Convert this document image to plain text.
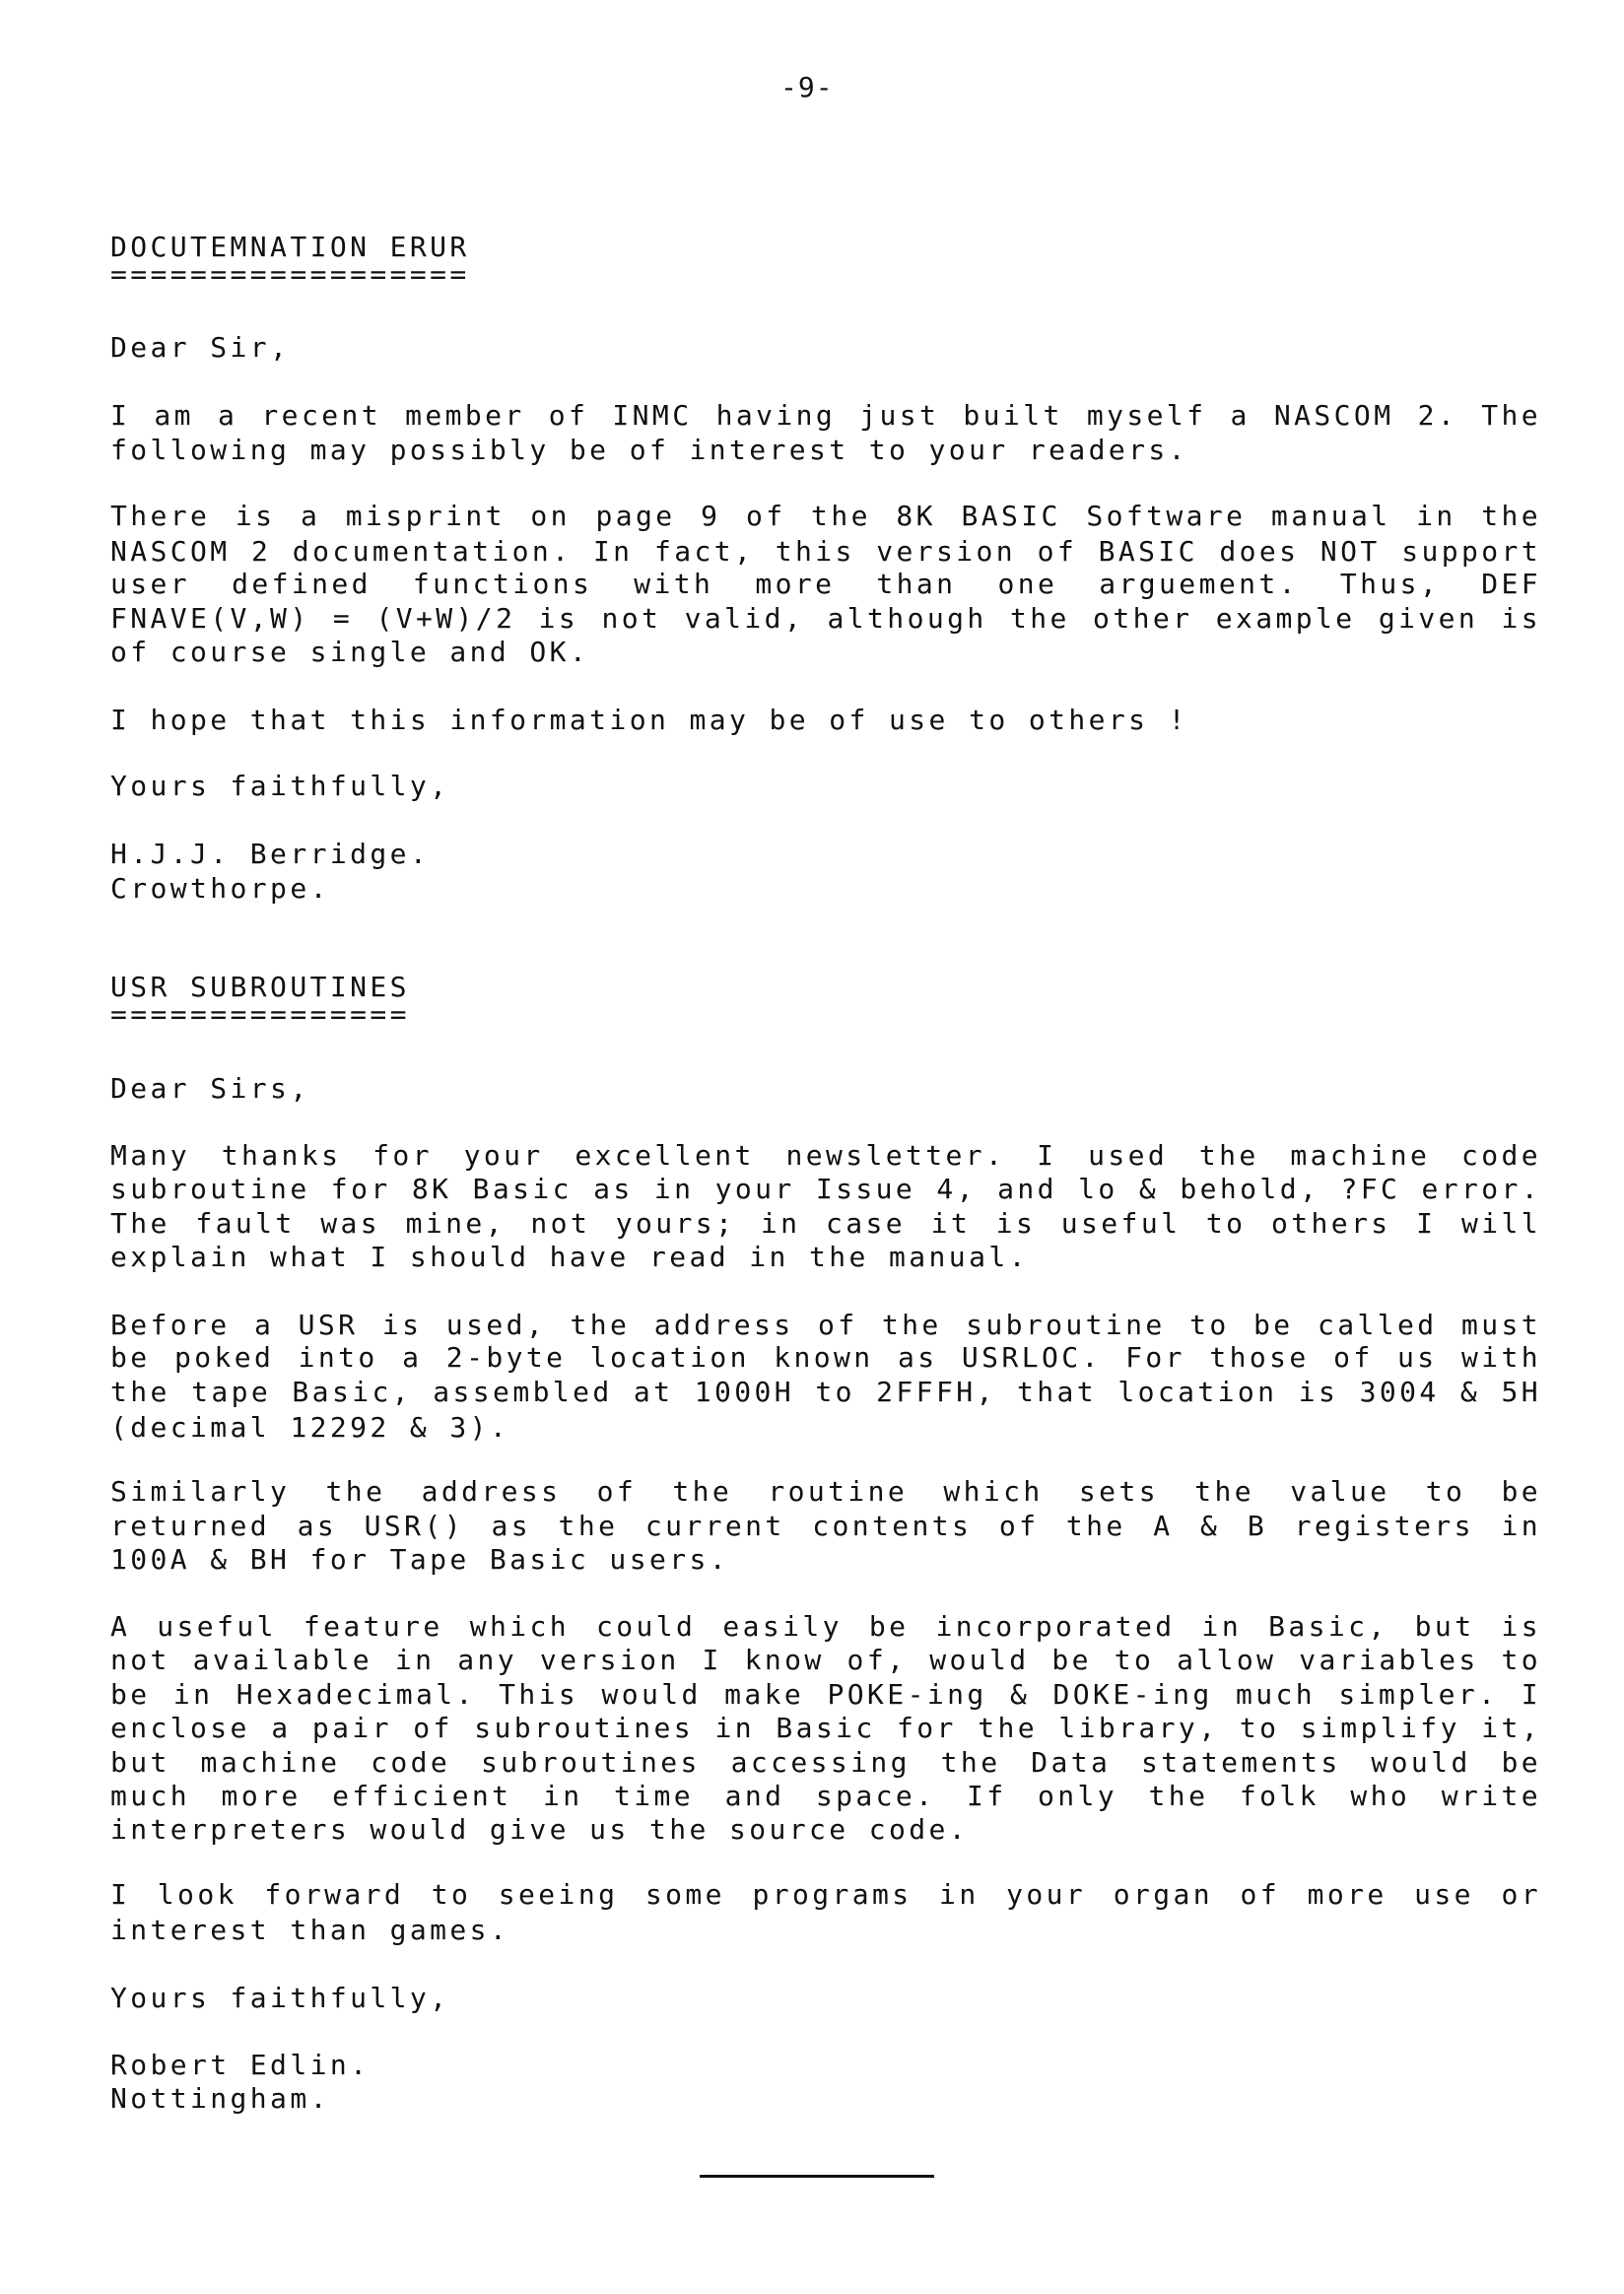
-9-
DOCUTEMNATION ERUR
==================
Dear Sir,
I am a recent member of INMC having just built myself a NASCOM 2. The
following may possibly be of interest to your readers.
There is a misprint on page 9 of the 8K BASIC Software manual in the
NASCOM 2 documentation. In fact, this version of BASIC does NOT support
user defined functions with more than one arguement. Thus, DEF
FNAVE(V,W) = (V+W)/2 is not valid, although the other example given is
of course single and OK.
I hope that this information may be of use to others !
Yours faithfully,
H.J.J. Berridge.
Crowthorpe.
USR SUBROUTINES
===============
Dear Sirs,
Many thanks for your excellent newsletter. I used the machine code
subroutine for 8K Basic as in your Issue 4, and lo & behold, ?FC error.
The fault was mine, not yours; in case it is useful to others I will
explain what I should have read in the manual.
Before a USR is used, the address of the subroutine to be called must
be poked into a 2-byte location known as USRLOC. For those of us with
the tape Basic, assembled at 1000H to 2FFFH, that location is 3004 & 5H
(decimal 12292 & 3).
Similarly the address of the routine which sets the value to be
returned as USR() as the current contents of the A & B registers in
100A & BH for Tape Basic users.
A useful feature which could easily be incorporated in Basic, but is
not available in any version I know of, would be to allow variables to
be in Hexadecimal. This would make POKE-ing & DOKE-ing much simpler. I
enclose a pair of subroutines in Basic for the library, to simplify it,
but machine code subroutines accessing the Data statements would be
much more efficient in time and space. If only the folk who write
interpreters would give us the source code.
I look forward to seeing some programs in your organ of more use or
interest than games.
Yours faithfully,
Robert Edlin.
Nottingham.
